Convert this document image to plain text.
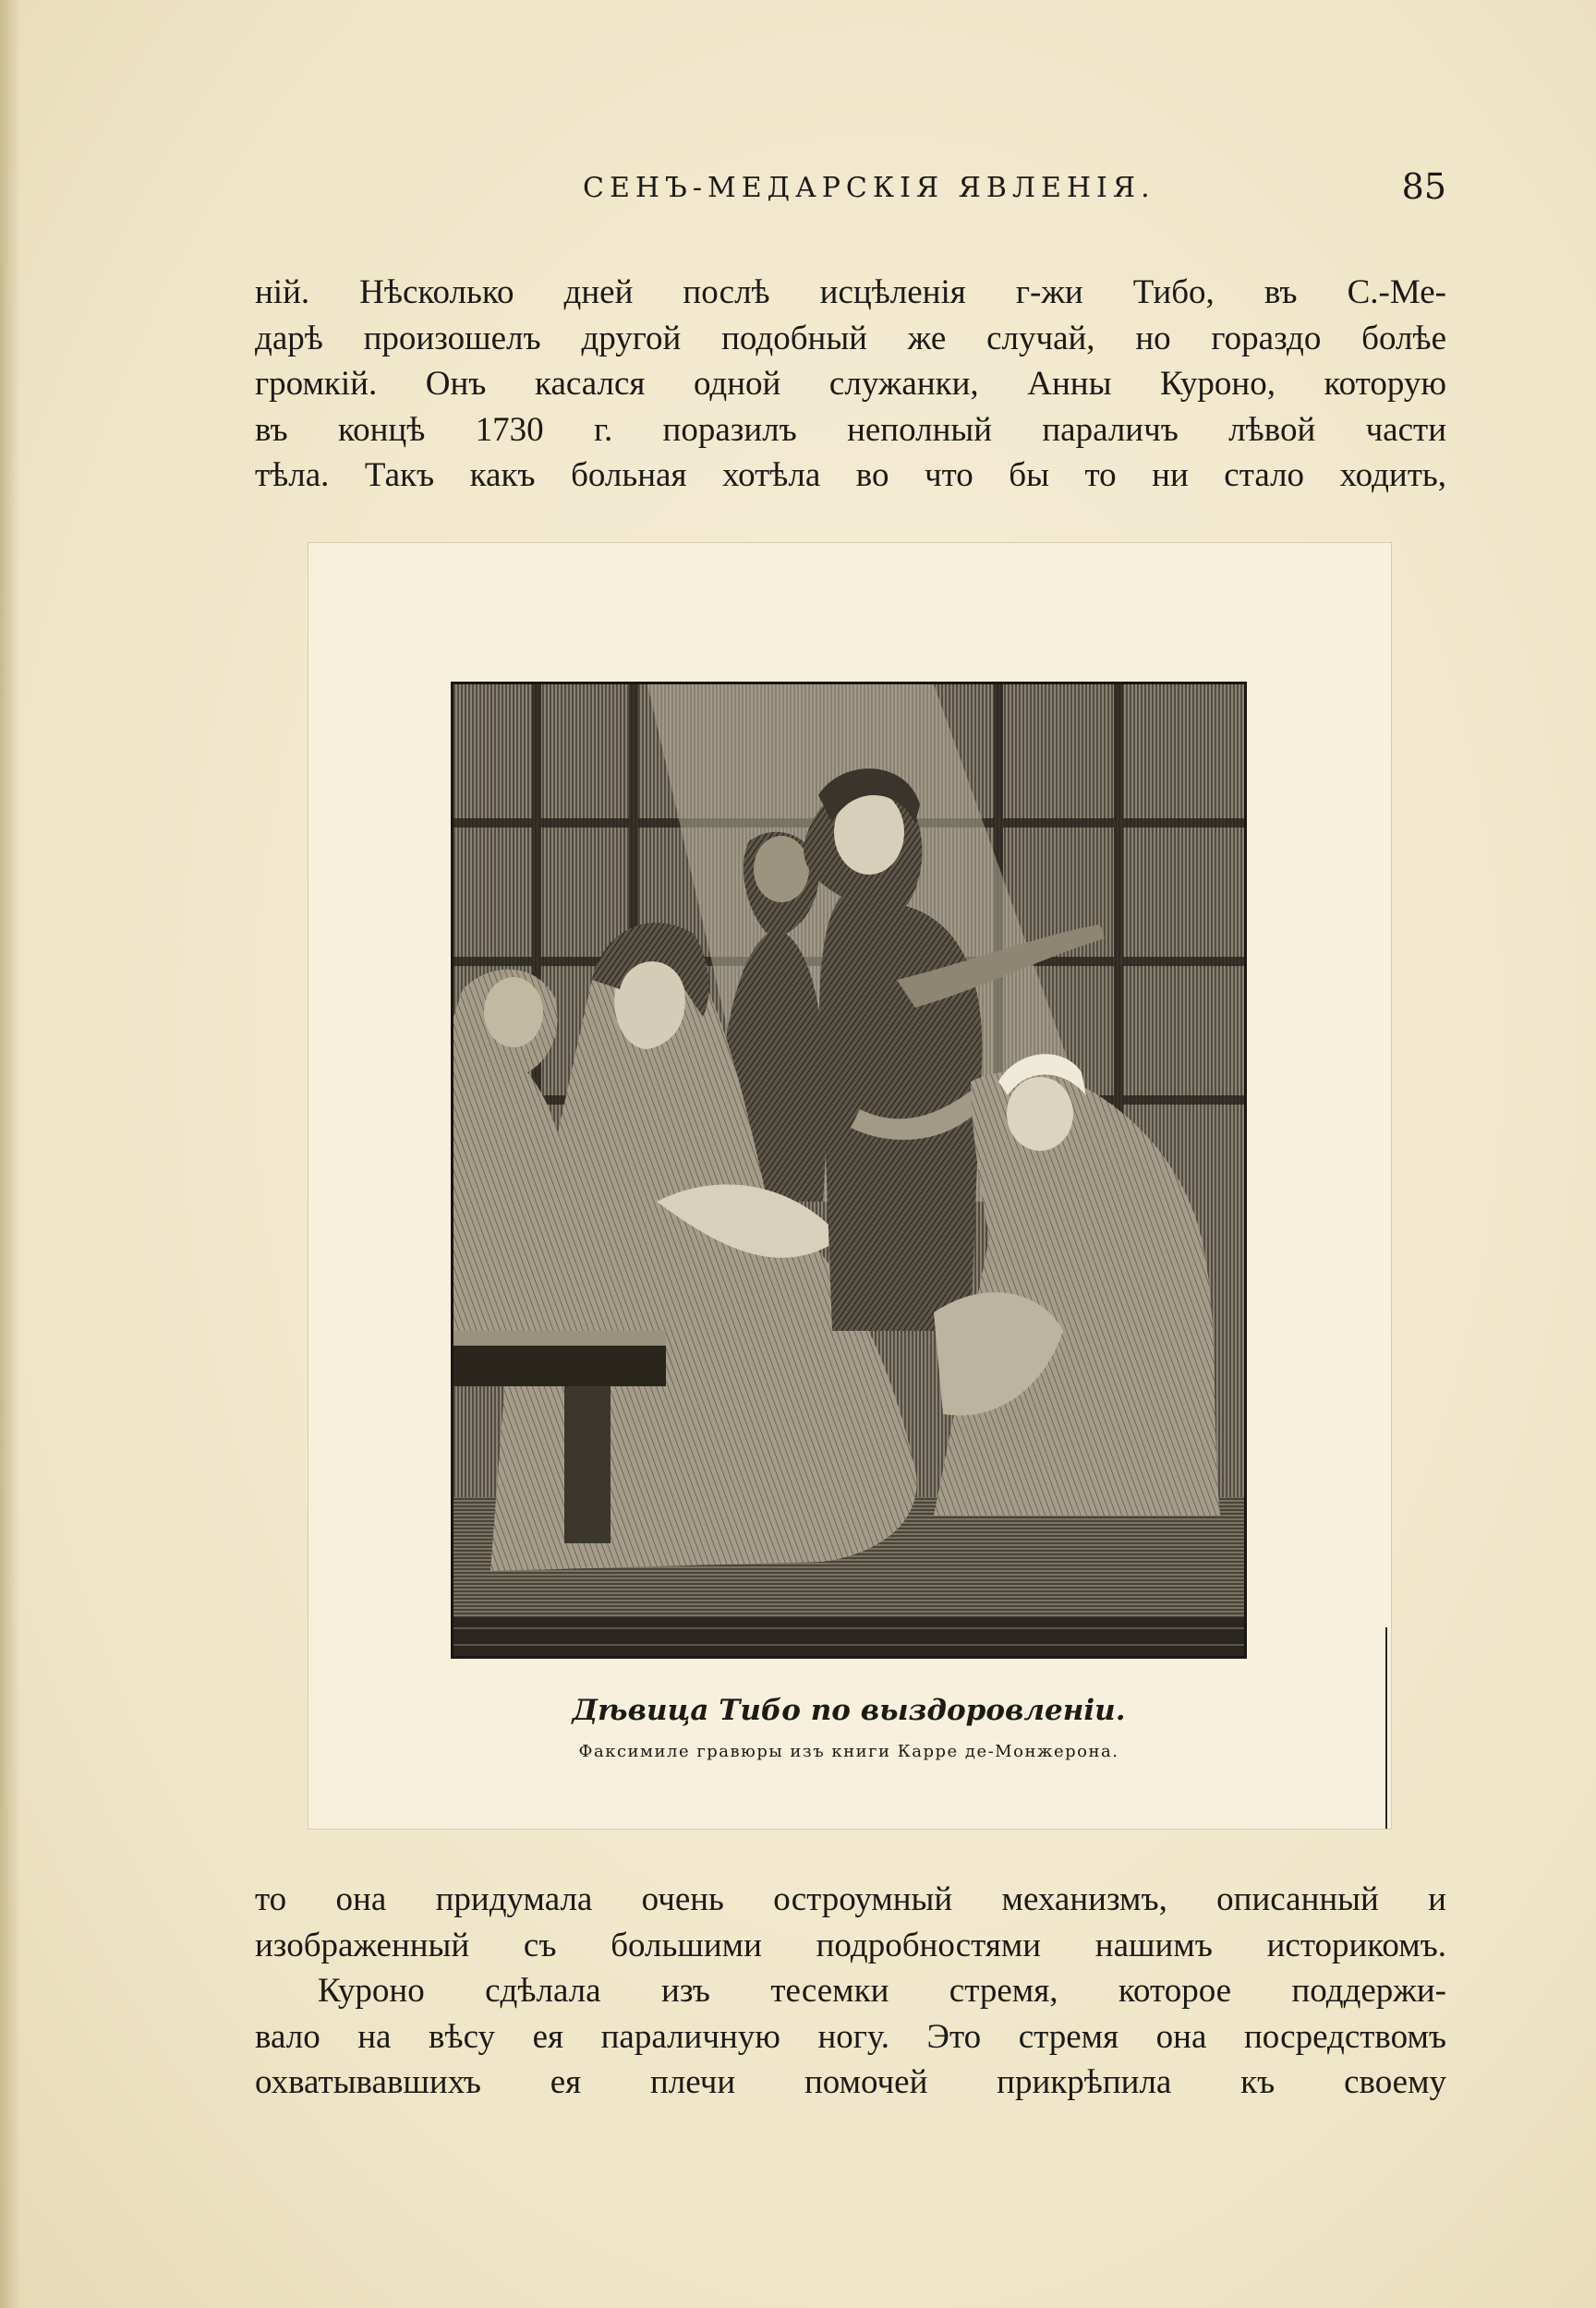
СЕНЪ-МЕДАРСКІЯ ЯВЛЕНІЯ.	85
ній. Нѣсколько дней послѣ исцѣленія г-жи Тибо, въ С.-Ме-
дарѣ произошелъ другой подобный же случай, но гораздо болѣе
громкій. Онъ касался одной служанки, Анны Куроно, которую
въ концѣ 1730 г. поразилъ неполный параличъ лѣвой части
тѣла. Такъ какъ больная хотѣла во что бы то ни стало ходить,
Дѣвица Тибо по выздоровленіи.
Факсимиле гравюры изъ книги Карре де-Монжерона.
то она придумала очень остроумный механизмъ, описанный и
изображенный съ большими подробностями нашимъ историкомъ.
Куроно сдѣлала изъ тесемки стремя, которое поддержи-
вало на вѣсу ея параличную ногу. Это стремя она посредствомъ
охватывавшихъ ея плечи помочей прикрѣпила къ своему
